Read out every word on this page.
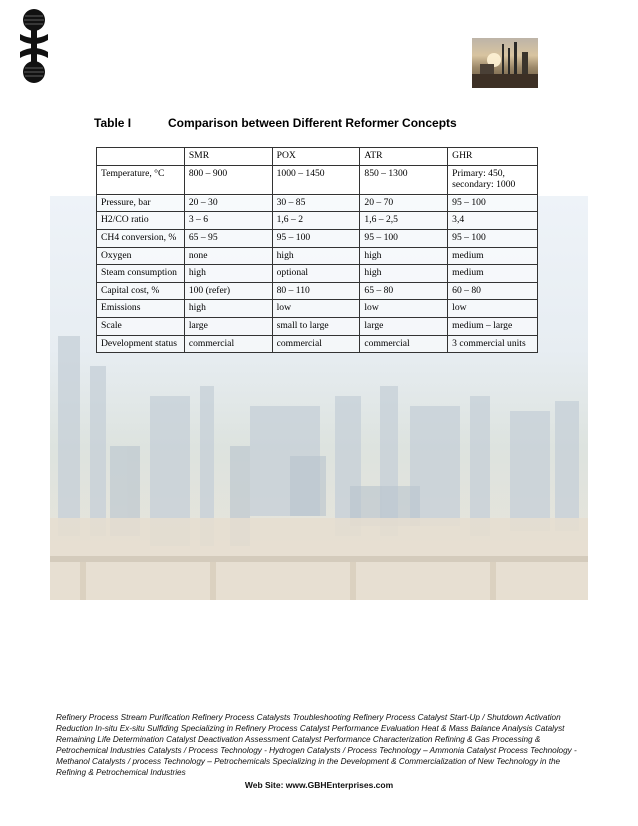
Table I	Comparison between Different Reformer Concepts
	SMR	POX	ATR	GHR
Temperature, °C	800 – 900	1000 – 1450	850 – 1300	Primary: 450, secondary: 1000
Pressure, bar	20 – 30	30 – 85	20 – 70	95 – 100
H2/CO ratio	3 – 6	1,6 – 2	1,6 – 2,5	3,4
CH4 conversion, %	65 – 95	95 – 100	95 – 100	95 – 100
Oxygen	none	high	high	medium
Steam consumption	high	optional	high	medium
Capital cost, %	100 (refer)	80 – 110	65 – 80	60 – 80
Emissions	high	low	low	low
Scale	large	small to large	large	medium – large
Development status	commercial	commercial	commercial	3 commercial units
Refinery Process Stream Purification Refinery Process Catalysts Troubleshooting Refinery Process Catalyst Start-Up / Shutdown Activation Reduction In-situ Ex-situ Sulfiding Specializing in Refinery Process Catalyst Performance Evaluation Heat & Mass Balance Analysis Catalyst Remaining Life Determination Catalyst Deactivation Assessment Catalyst Performance Characterization Refining & Gas Processing & Petrochemical Industries Catalysts / Process Technology - Hydrogen Catalysts / Process Technology – Ammonia Catalyst Process Technology - Methanol Catalysts / process Technology – Petrochemicals Specializing in the Development & Commercialization of New Technology in the Refining & Petrochemical Industries
Web Site: www.GBHEnterprises.com
